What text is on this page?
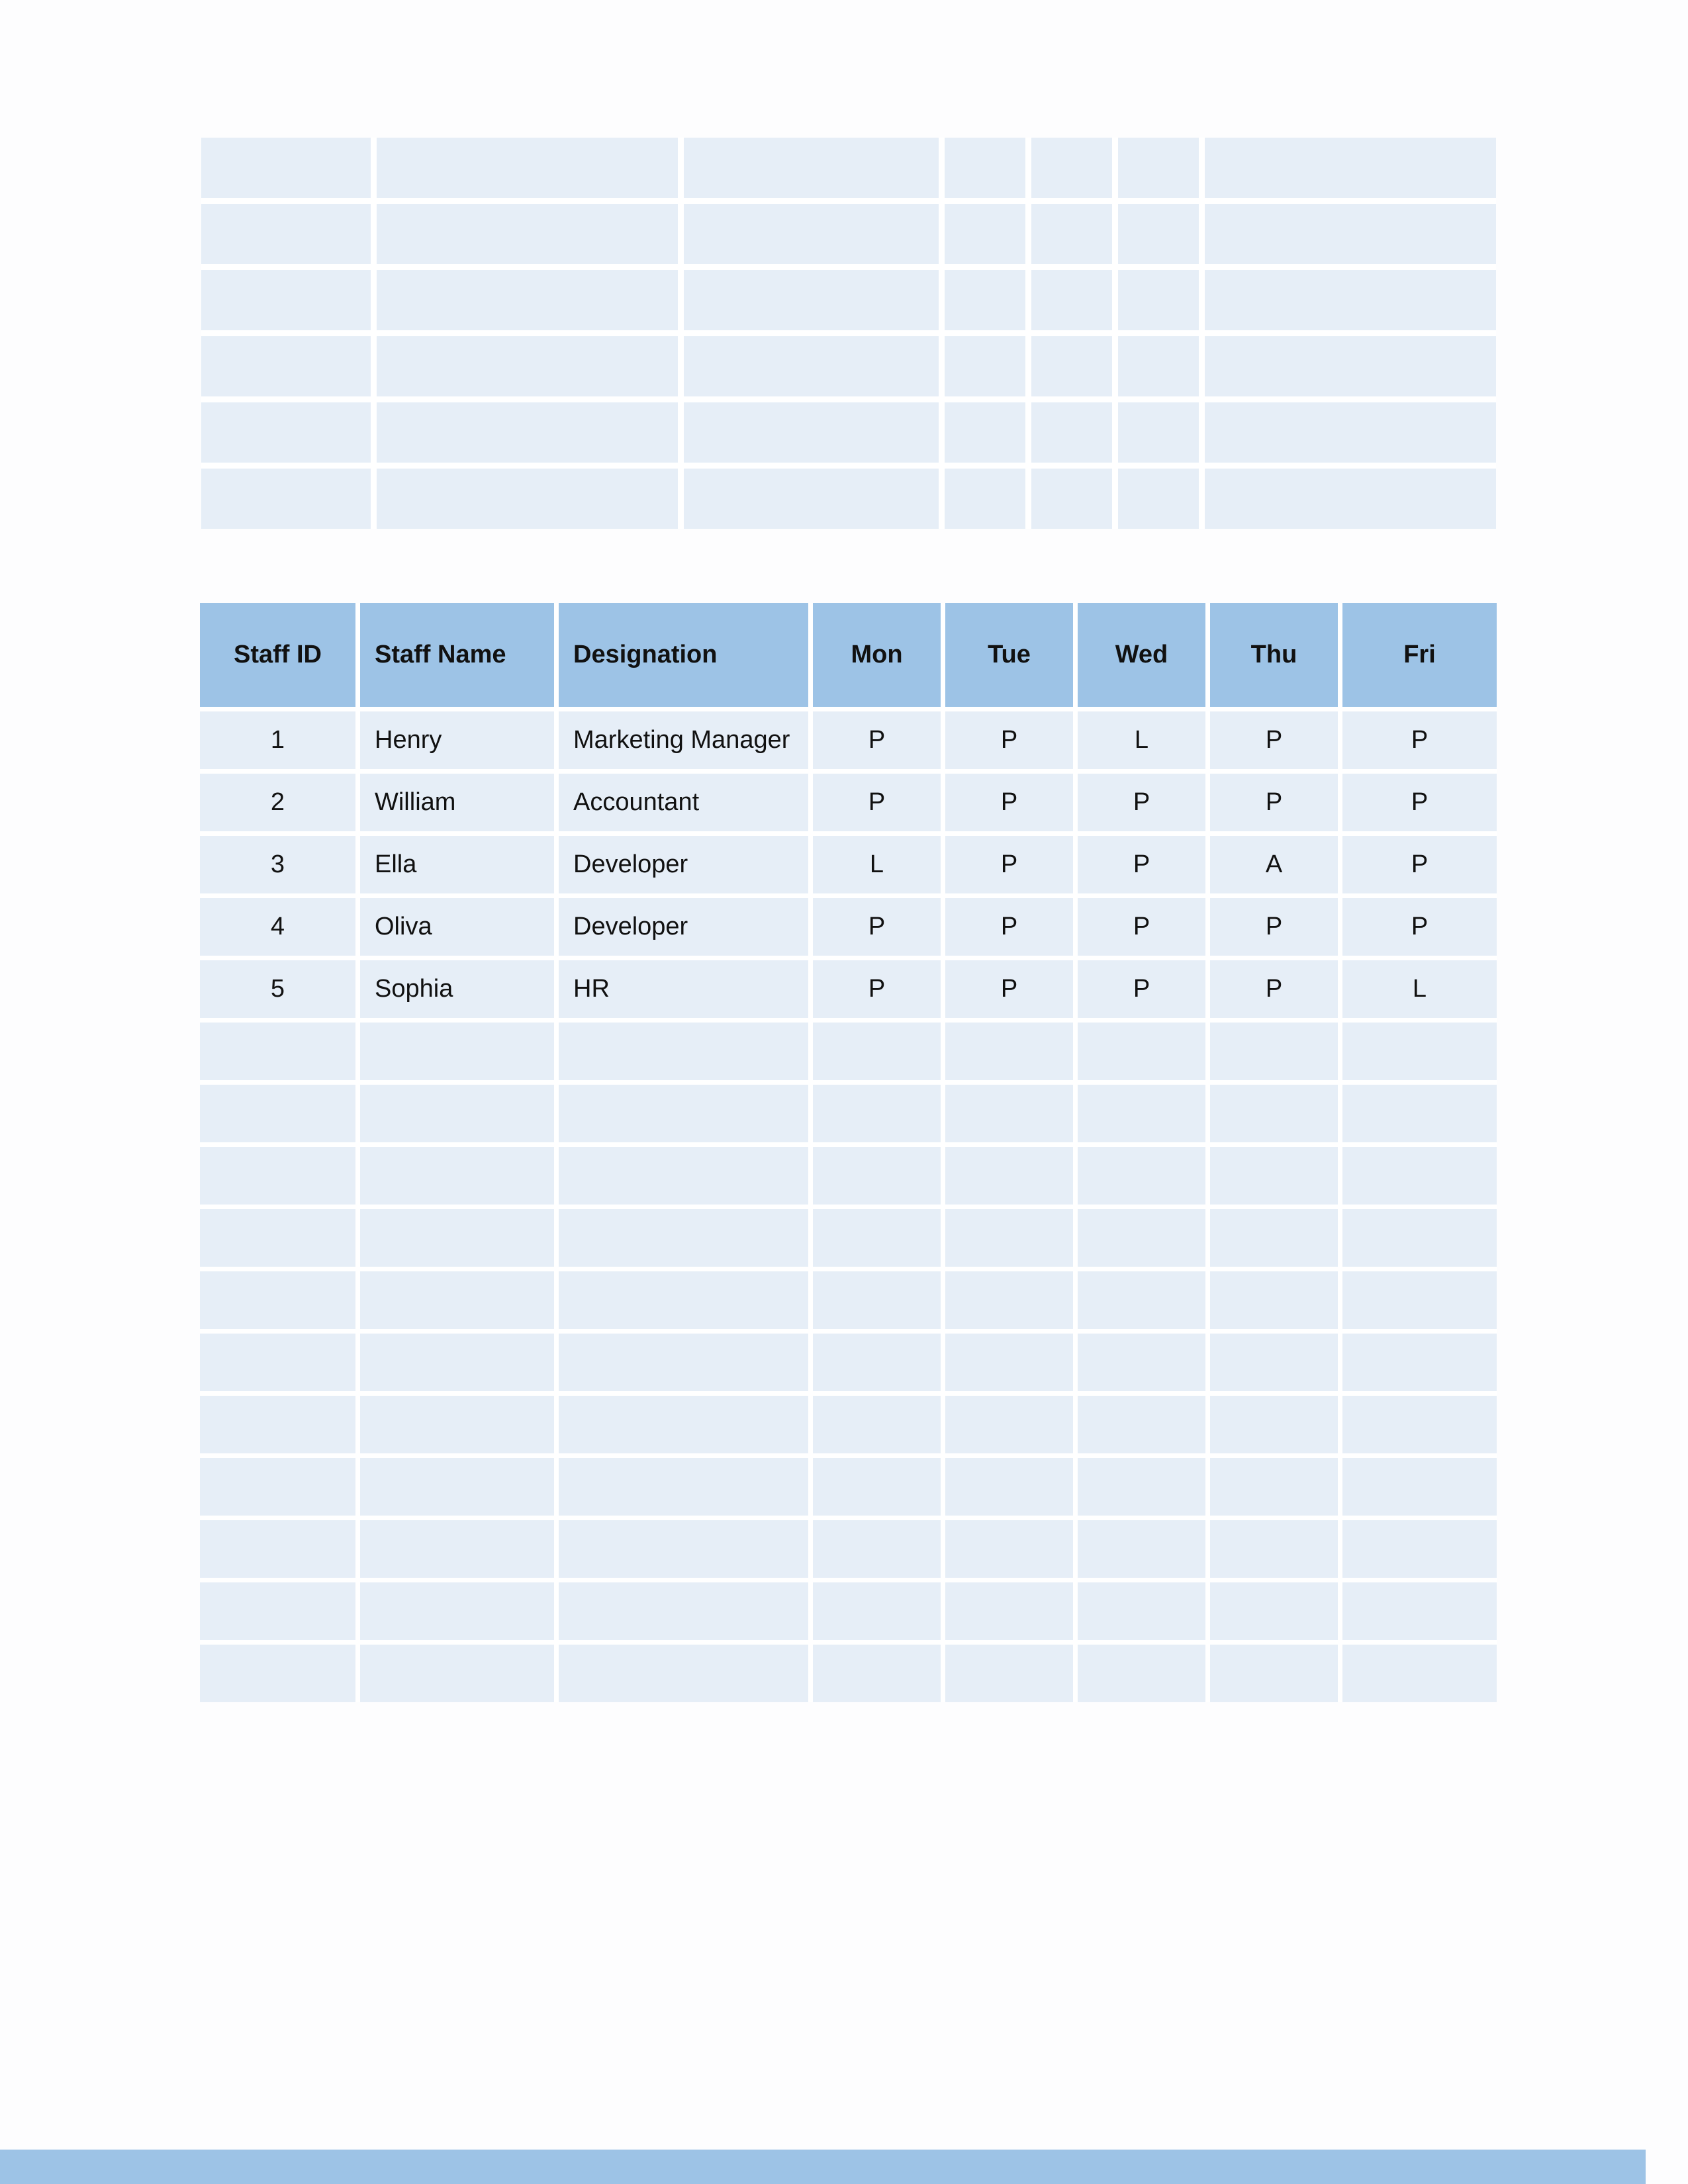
Staff ID	Staff Name	Designation	Mon	Tue	Wed	Thu	Fri
1	Henry	Marketing Manager	P	P	L	P	P
2	William	Accountant	P	P	P	P	P
3	Ella	Developer	L	P	P	A	P
4	Oliva	Developer	P	P	P	P	P
5	Sophia	HR	P	P	P	P	L
